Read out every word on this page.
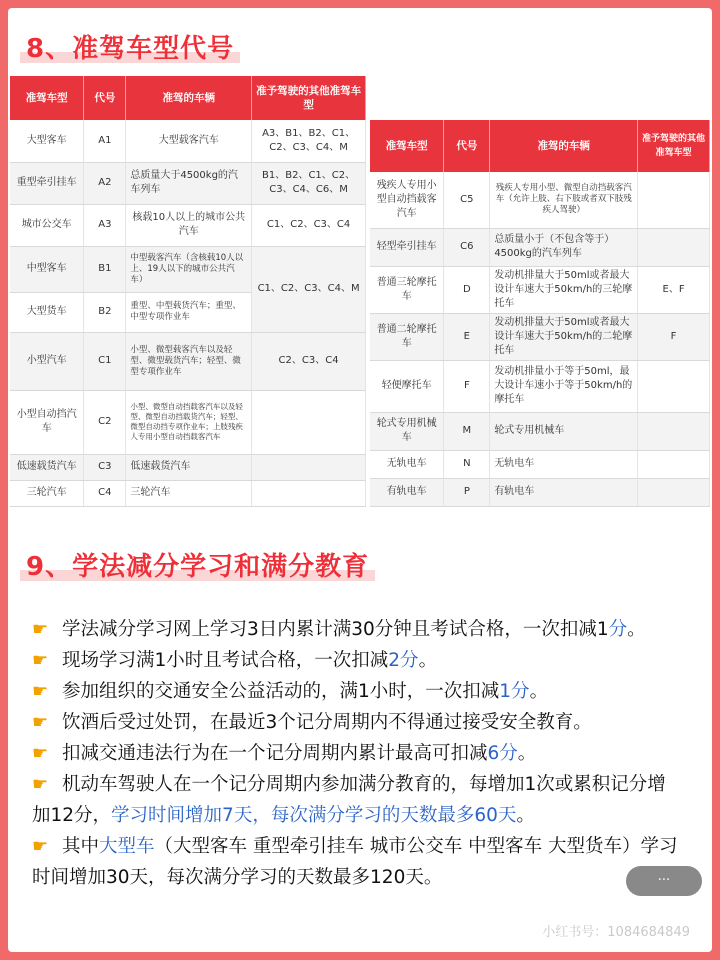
8、准驾车型代号
准驾车型	代号	准驾的车辆	准予驾驶的其他准驾车型
大型客车	A1	大型载客汽车	A3、B1、B2、C1、C2、C3、C4、M
重型牵引挂车	A2	总质量大于4500kg的汽车列车	B1、B2、C1、C2、C3、C4、C6、M
城市公交车	A3	核载10人以上的城市公共汽车	C1、C2、C3、C4
中型客车	B1	中型载客汽车（含核载10人以上、19人以下的城市公共汽车）	C1、C2、C3、C4、M
大型货车	B2	重型、中型载货汽车；重型、中型专项作业车	
小型汽车	C1	小型、微型载客汽车以及轻型、微型载货汽车；轻型、微型专项作业车	C2、C3、C4
小型自动挡汽车	C2	小型、微型自动挡载客汽车以及轻型、微型自动挡载货汽车；轻型、微型自动挡专项作业车；上肢残疾人专用小型自动挡载客汽车	
低速载货汽车	C3	低速载货汽车	
三轮汽车	C4	三轮汽车	
准驾车型	代号	准驾的车辆	准予驾驶的其他准驾车型
残疾人专用小型自动挡载客汽车	C5	残疾人专用小型、微型自动挡载客汽车（允许上肢、右下肢或者双下肢残疾人驾驶）	
轻型牵引挂车	C6	总质量小于（不包含等于）4500kg的汽车列车	
普通三轮摩托车	D	发动机排量大于50ml或者最大设计车速大于50km/h的三轮摩托车	E、F
普通二轮摩托车	E	发动机排量大于50ml或者最大设计车速大于50km/h的二轮摩托车	F
轻便摩托车	F	发动机排量小于等于50ml，最大设计车速小于等于50km/h的摩托车	
轮式专用机械车	M	轮式专用机械车	
无轨电车	N	无轨电车	
有轨电车	P	有轨电车	
9、学法减分学习和满分教育
☛ 学法减分学习网上学习3日内累计满30分钟且考试合格，一次扣减1分。
☛ 现场学习满1小时且考试合格，一次扣减2分。
☛ 参加组织的交通安全公益活动的，满1小时，一次扣减1分。
☛ 饮酒后受过处罚，在最近3个记分周期内不得通过接受安全教育。
☛ 扣减交通违法行为在一个记分周期内累计最高可扣减6分。
☛ 机动车驾驶人在一个记分周期内参加满分教育的，每增加1次或累积记分增加12分，学习时间增加7天，每次满分学习的天数最多60天。
☛ 其中大型车（大型客车 重型牵引挂车 城市公交车 中型客车 大型货车）学习时间增加30天，每次满分学习的天数最多120天。	···
小红书号：1084684849
